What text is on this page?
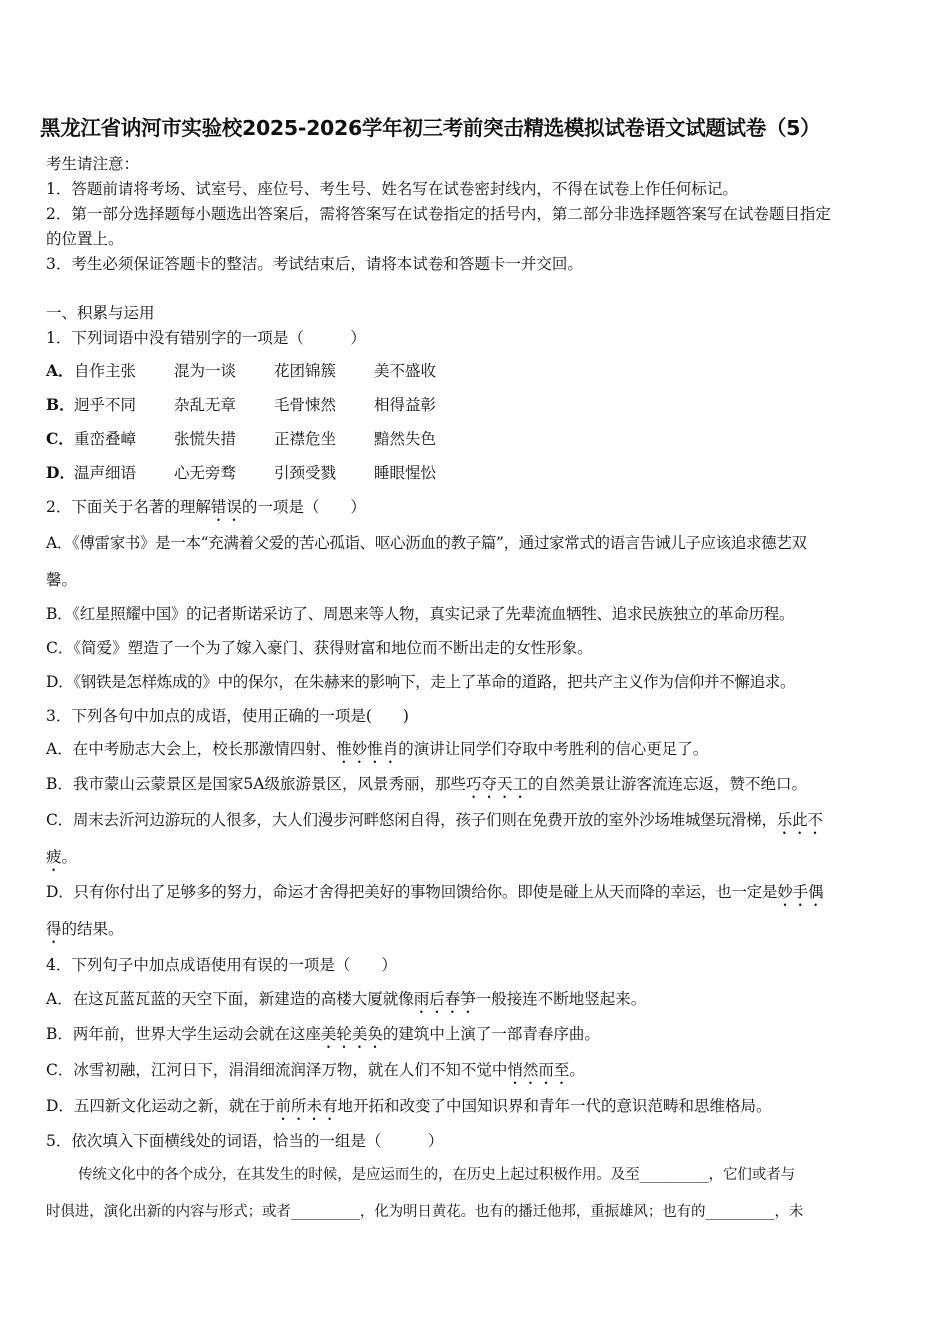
黑龙江省讷河市实验校2025-2026学年初三考前突击精选模拟试卷语文试题试卷（5）
考生请注意：
1．答题前请将考场、试室号、座位号、考生号、姓名写在试卷密封线内，不得在试卷上作任何标记。
2．第一部分选择题每小题选出答案后，需将答案写在试卷指定的括号内，第二部分非选择题答案写在试卷题目指定
的位置上。
3．考生必须保证答题卡的整洁。考试结束后，请将本试卷和答题卡一并交回。
一、积累与运用
1．下列词语中没有错别字的一项是（　　　）
A．自作主张 混为一谈 花团锦簇 美不盛收
B．迥乎不同 杂乱无章 毛骨悚然 相得益彰
C．重峦叠嶂 张慌失措 正襟危坐 黯然失色
D．温声细语 心无旁骛 引颈受戮 睡眼惺忪
2．下面关于名著的理解错误的一项是（　　）
A．《傅雷家书》是一本“充满着父爱的苦心孤诣、呕心沥血的教子篇”，通过家常式的语言告诫儿子应该追求德艺双
馨。
B．《红星照耀中国》的记者斯诺采访了、周恩来等人物，真实记录了先辈流血牺牲、追求民族独立的革命历程。
C．《简爱》塑造了一个为了嫁入豪门、获得财富和地位而不断出走的女性形象。
D．《钢铁是怎样炼成的》中的保尔，在朱赫来的影响下，走上了革命的道路，把共产主义作为信仰并不懈追求。
3．下列各句中加点的成语，使用正确的一项是(　　)
A．在中考励志大会上，校长那激情四射、惟妙惟肖的演讲让同学们夺取中考胜利的信心更足了。
B．我市蒙山云蒙景区是国家5A级旅游景区，风景秀丽，那些巧夺天工的自然美景让游客流连忘返，赞不绝口。
C．周末去沂河边游玩的人很多，大人们漫步河畔悠闲自得，孩子们则在免费开放的室外沙场堆城堡玩滑梯，乐此不
疲。
D．只有你付出了足够多的努力，命运才舍得把美好的事物回馈给你。即使是碰上从天而降的幸运，也一定是妙手偶
得的结果。
4．下列句子中加点成语使用有误的一项是（　　）
A．在这瓦蓝瓦蓝的天空下面，新建造的高楼大厦就像雨后春笋一般接连不断地竖起来。
B．两年前，世界大学生运动会就在这座美轮美奂的建筑中上演了一部青春序曲。
C．冰雪初融，江河日下，涓涓细流润泽万物，就在人们不知不觉中悄然而至。
D．五四新文化运动之新，就在于前所未有地开拓和改变了中国知识界和青年一代的意识范畴和思维格局。
5．依次填入下面横线处的词语，恰当的一组是（　　　）
传统文化中的各个成分，在其发生的时候，是应运而生的，在历史上起过积极作用。及至________，它们或者与
时俱进，演化出新的内容与形式；或者________，化为明日黄花。也有的播迁他邦，重振雄风；也有的________，未
